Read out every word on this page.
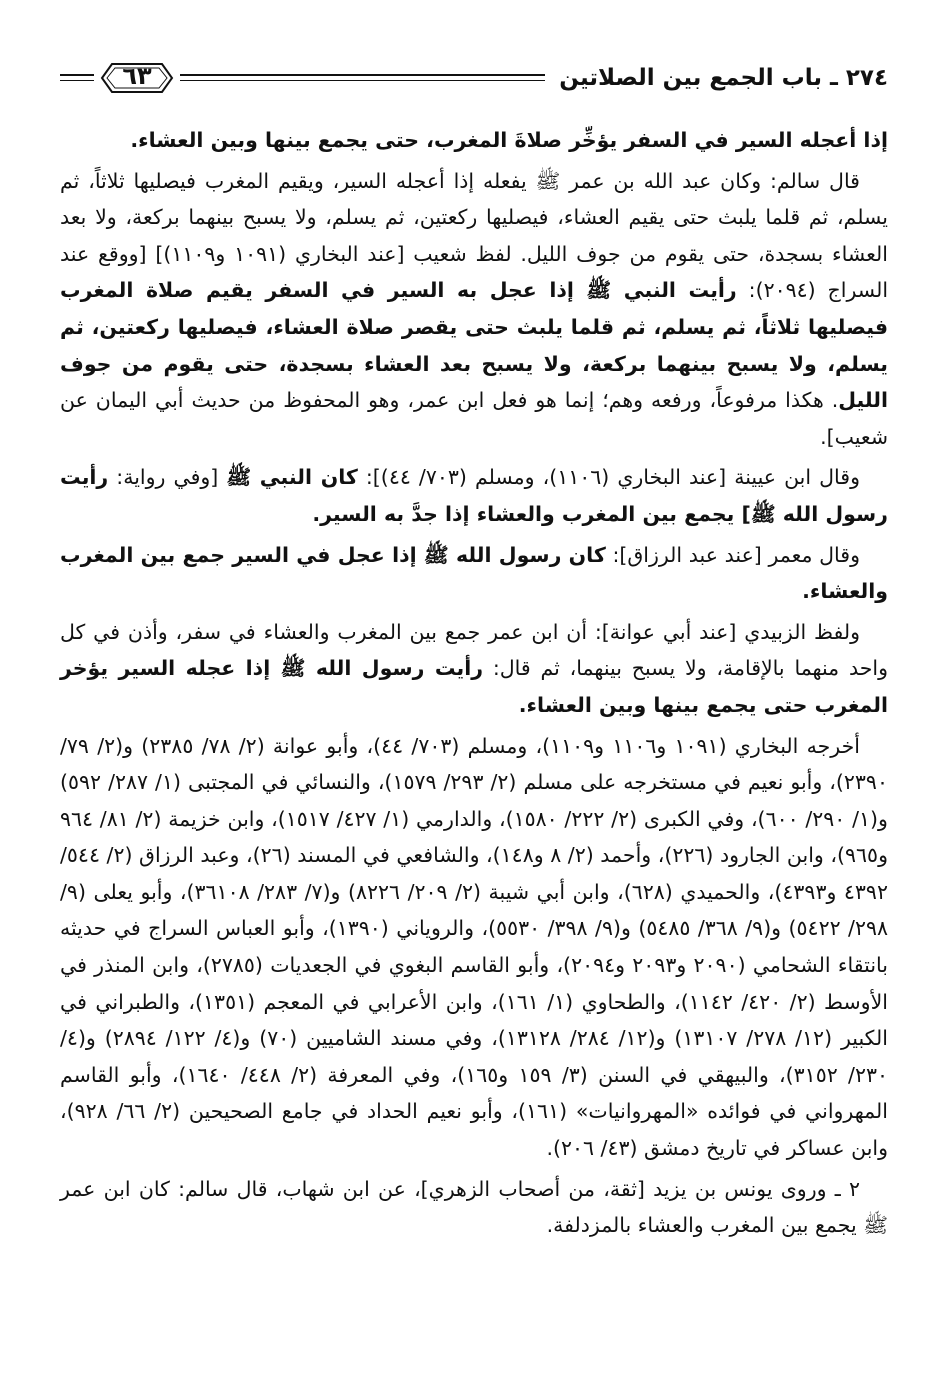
٢٧٤ ـ باب الجمع بين الصلاتين
٦٣

إذا أعجله السير في السفر يؤخِّر صلاةَ المغرب، حتى يجمع بينها وبين العشاء.

قال سالم: وكان عبد الله بن عمر ﷺ يفعله إذا أعجله السير، ويقيم المغرب فيصليها ثلاثاً، ثم يسلم، ثم قلما يلبث حتى يقيم العشاء، فيصليها ركعتين، ثم يسلم، ولا يسبح بينهما بركعة، ولا بعد العشاء بسجدة، حتى يقوم من جوف الليل. لفظ شعيب [عند البخاري (١٠٩١ و١١٠٩)] [ووقع عند السراج (٢٠٩٤): رأيت النبي ﷺ إذا عجل به السير في السفر يقيم صلاة المغرب فيصليها ثلاثاً، ثم يسلم، ثم قلما يلبث حتى يقصر صلاة العشاء، فيصليها ركعتين، ثم يسلم، ولا يسبح بينهما بركعة، ولا يسبح بعد العشاء بسجدة، حتى يقوم من جوف الليل. هكذا مرفوعاً، ورفعه وهم؛ إنما هو فعل ابن عمر، وهو المحفوظ من حديث أبي اليمان عن شعيب].

وقال ابن عيينة [عند البخاري (١١٠٦)، ومسلم (٧٠٣/ ٤٤)]: كان النبي ﷺ [وفي رواية: رأيت رسول الله ﷺ] يجمع بين المغرب والعشاء إذا جدَّ به السير.

وقال معمر [عند عبد الرزاق]: كان رسول الله ﷺ إذا عجل في السير جمع بين المغرب والعشاء.

ولفظ الزبيدي [عند أبي عوانة]: أن ابن عمر جمع بين المغرب والعشاء في سفر، وأذن في كل واحد منهما بالإقامة، ولا يسبح بينهما، ثم قال: رأيت رسول الله ﷺ إذا عجله السير يؤخر المغرب حتى يجمع بينها وبين العشاء.

أخرجه البخاري (١٠٩١ و١١٠٦ و١١٠٩)، ومسلم (٧٠٣/ ٤٤)، وأبو عوانة (٢/ ٧٨/ ٢٣٨٥) و(٢/ ٧٩/ ٢٣٩٠)، وأبو نعيم في مستخرجه على مسلم (٢/ ٢٩٣/ ١٥٧٩)، والنسائي في المجتبى (١/ ٢٨٧/ ٥٩٢) و(١/ ٢٩٠/ ٦٠٠)، وفي الكبرى (٢/ ٢٢٢/ ١٥٨٠)، والدارمي (١/ ٤٢٧/ ١٥١٧)، وابن خزيمة (٢/ ٨١/ ٩٦٤ و٩٦٥)، وابن الجارود (٢٢٦)، وأحمد (٢/ ٨ و١٤٨)، والشافعي في المسند (٢٦)، وعبد الرزاق (٢/ ٥٤٤/ ٤٣٩٢ و٤٣٩٣)، والحميدي (٦٢٨)، وابن أبي شيبة (٢/ ٢٠٩/ ٨٢٢٦) و(٧/ ٢٨٣/ ٣٦١٠٨)، وأبو يعلى (٩/ ٢٩٨/ ٥٤٢٢) و(٩/ ٣٦٨/ ٥٤٨٥) و(٩/ ٣٩٨/ ٥٥٣٠)، والروياني (١٣٩٠)، وأبو العباس السراج في حديثه بانتقاء الشحامي (٢٠٩٠ و٢٠٩٣ و٢٠٩٤)، وأبو القاسم البغوي في الجعديات (٢٧٨٥)، وابن المنذر في الأوسط (٢/ ٤٢٠/ ١١٤٢)، والطحاوي (١/ ١٦١)، وابن الأعرابي في المعجم (١٣٥١)، والطبراني في الكبير (١٢/ ٢٧٨/ ١٣١٠٧) و(١٢/ ٢٨٤/ ١٣١٢٨)، وفي مسند الشاميين (٧٠) و(٤/ ١٢٢/ ٢٨٩٤) و(٤/ ٢٣٠/ ٣١٥٢)، والبيهقي في السنن (٣/ ١٥٩ و١٦٥)، وفي المعرفة (٢/ ٤٤٨/ ١٦٤٠)، وأبو القاسم المهرواني في فوائده «المهروانيات» (١٦١)، وأبو نعيم الحداد في جامع الصحيحين (٢/ ٦٦/ ٩٢٨)، وابن عساكر في تاريخ دمشق (٤٣/ ٢٠٦).

٢ ـ وروى يونس بن يزيد [ثقة، من أصحاب الزهري]، عن ابن شهاب، قال سالم: كان ابن عمر ﷺ يجمع بين المغرب والعشاء بالمزدلفة.
